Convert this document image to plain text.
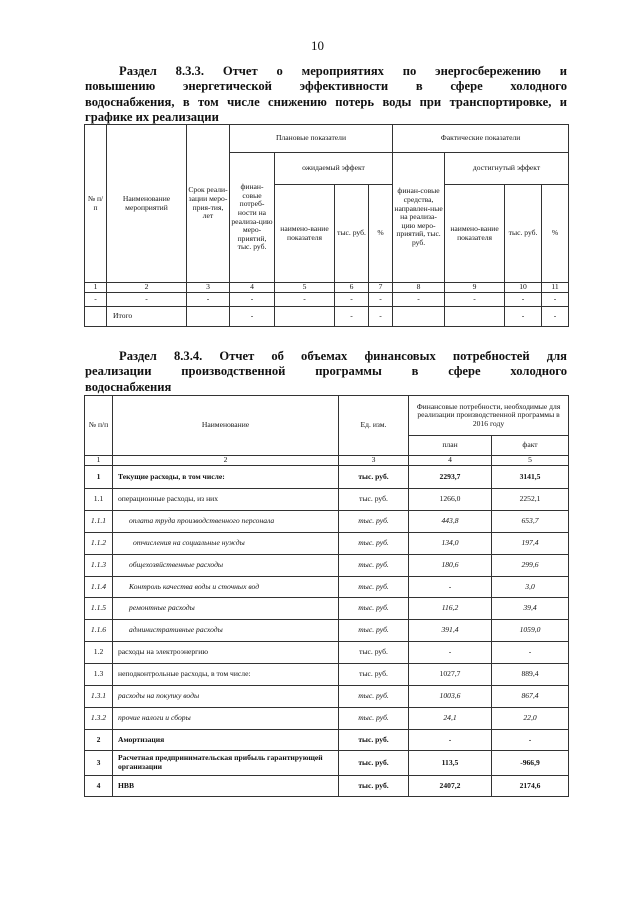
10
Раздел 8.3.3. Отчет о мероприятиях по энергосбережению и
повышению энергетической эффективности в сфере холодного
водоснабжения, в том числе снижению потерь воды при транспортировке, и
графике их реализации
№ п/п	Наименование мероприятий	Срок реали-зации меро-прия-тия, лет	Плановые показатели				Фактические показатели			
			финан-совые потреб-ности на реализа-цию меро-приятий, тыс. руб.	ожидаемый эффект			финан-совые средства, направлен-ные на реализа-цию меро-приятий, тыс. руб.	достигнутый эффект		
				наимено-вание показателя	тыс. руб.	%		наимено-вание показателя	тыс. руб.	%
1	2	3	4	5	6	7	8	9	10	11
-	-	-	-	-	-	-	-	-	-	-
	Итого		-		-	-			-	-
Раздел 8.3.4. Отчет об объемах финансовых потребностей для
реализации производственной программы в сфере холодного
водоснабжения
№ п/п	Наименование	Ед. изм.	Финансовые потребности, необходимые для реализации производственной программы в 2016 году	
			план	факт
1	2	3	4	5
1	Текущие расходы, в том числе:	тыс. руб.	2293,7	3141,5
1.1	операционные расходы, из них	тыс. руб.	1266,0	2252,1
1.1.1	оплата труда производственного персонала	тыс. руб.	443,8	653,7
1.1.2	отчисления на социальные нужды	тыс. руб.	134,0	197,4
1.1.3	общехозяйственные расходы	тыс. руб.	180,6	299,6
1.1.4	Контроль качества воды и сточных вод	тыс. руб.	-	3,0
1.1.5	ремонтные расходы	тыс. руб.	116,2	39,4
1.1.6	административные расходы	тыс. руб.	391,4	1059,0
1.2	расходы на электроэнергию	тыс. руб.	-	-
1.3	неподконтрольные расходы, в том числе:	тыс. руб.	1027,7	889,4
1.3.1	расходы на покупку воды	тыс. руб.	1003,6	867,4
1.3.2	прочие налоги и сборы	тыс. руб.	24,1	22,0
2	Амортизация	тыс. руб.	-	-
3	Расчетная предпринимательская прибыль гарантирующей организации	тыс. руб.	113,5	-966,9
4	НВВ	тыс. руб.	2407,2	2174,6
